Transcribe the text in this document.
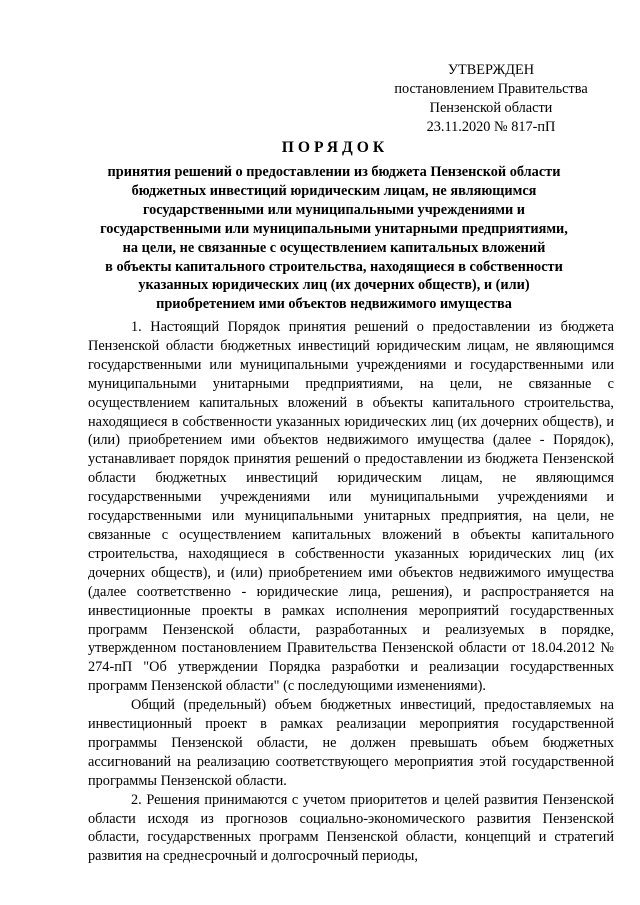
УТВЕРЖДЕН
постановлением Правительства
Пензенской области
23.11.2020 № 817-пП
ПОРЯДОК
принятия решений о предоставлении из бюджета Пензенской области
бюджетных инвестиций юридическим лицам, не являющимся
государственными или муниципальными учреждениями и
государственными или муниципальными унитарными предприятиями,
на цели, не связанные с осуществлением капитальных вложений
в объекты капитального строительства, находящиеся в собственности
указанных юридических лиц (их дочерних обществ), и (или)
приобретением ими объектов недвижимого имущества

1. Настоящий Порядок принятия решений о предоставлении из бюджета Пензенской области бюджетных инвестиций юридическим лицам, не являющимся государственными или муниципальными учреждениями и государственными или муниципальными унитарными предприятиями, на цели, не связанные с осуществлением капитальных вложений в объекты капитального строительства, находящиеся в собственности указанных юридических лиц (их дочерних обществ), и (или) приобретением ими объектов недвижимого имущества (далее - Порядок), устанавливает порядок принятия решений о предоставлении из бюджета Пензенской области бюджетных инвестиций юридическим лицам, не являющимся государственными учреждениями или муниципальными учреждениями и государственными или муниципальными унитарных предприятия, на цели, не связанные с осуществлением капитальных вложений в объекты капитального строительства, находящиеся в собственности указанных юридических лиц (их дочерних обществ), и (или) приобретением ими объектов недвижимого имущества (далее соответственно - юридические лица, решения), и распространяется на инвестиционные проекты в рамках исполнения мероприятий государственных программ Пензенской области, разработанных и реализуемых в порядке, утвержденном постановлением Правительства Пензенской области от 18.04.2012 № 274-пП "Об утверждении Порядка разработки и реализации государственных программ Пензенской области" (с последующими изменениями).

Общий (предельный) объем бюджетных инвестиций, предоставляемых на инвестиционный проект в рамках реализации мероприятия государственной программы Пензенской области, не должен превышать объем бюджетных ассигнований на реализацию соответствующего мероприятия этой государственной программы Пензенской области.

2. Решения принимаются с учетом приоритетов и целей развития Пензенской области исходя из прогнозов социально-экономического развития Пензенской области, государственных программ Пензенской области, концепций и стратегий развития на среднесрочный и долгосрочный периоды,
